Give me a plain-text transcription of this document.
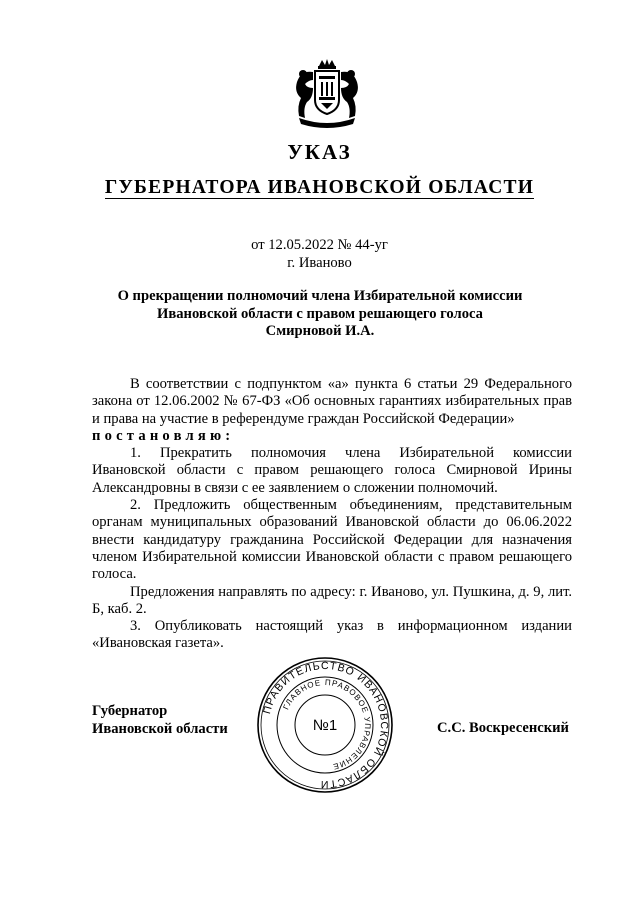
УКАЗ
ГУБЕРНАТОРА ИВАНОВСКОЙ ОБЛАСТИ
от 12.05.2022 № 44-уг
г. Иваново
О прекращении полномочий члена Избирательной комиссии
Ивановской области с правом решающего голоса
Смирновой И.А.

В соответствии с подпунктом «а» пункта 6 статьи 29 Федерального закона от 12.06.2002 № 67-ФЗ «Об основных гарантиях избирательных прав и права на участие в референдуме граждан Российской Федерации»

постановляю:

1. Прекратить полномочия члена Избирательной комиссии Ивановской области с правом решающего голоса Смирновой Ирины Александровны в связи с ее заявлением о сложении полномочий.

2. Предложить общественным объединениям, представительным органам муниципальных образований Ивановской области до 06.06.2022 внести кандидатуру гражданина Российской Федерации для назначения членом Избирательной комиссии Ивановской области с правом решающего голоса.

Предложения направлять по адресу: г. Иваново, ул. Пушкина, д. 9, лит. Б, каб. 2.

3. Опубликовать настоящий указ в информационном издании «Ивановская газета».

Губернатор
Ивановской области
ПРАВИТЕЛЬСТВО ИВАНОВСКОЙ ОБЛАСТИ
ГЛАВНОЕ ПРАВОВОЕ УПРАВЛЕНИЕ
№1	С.С. Воскресенский
